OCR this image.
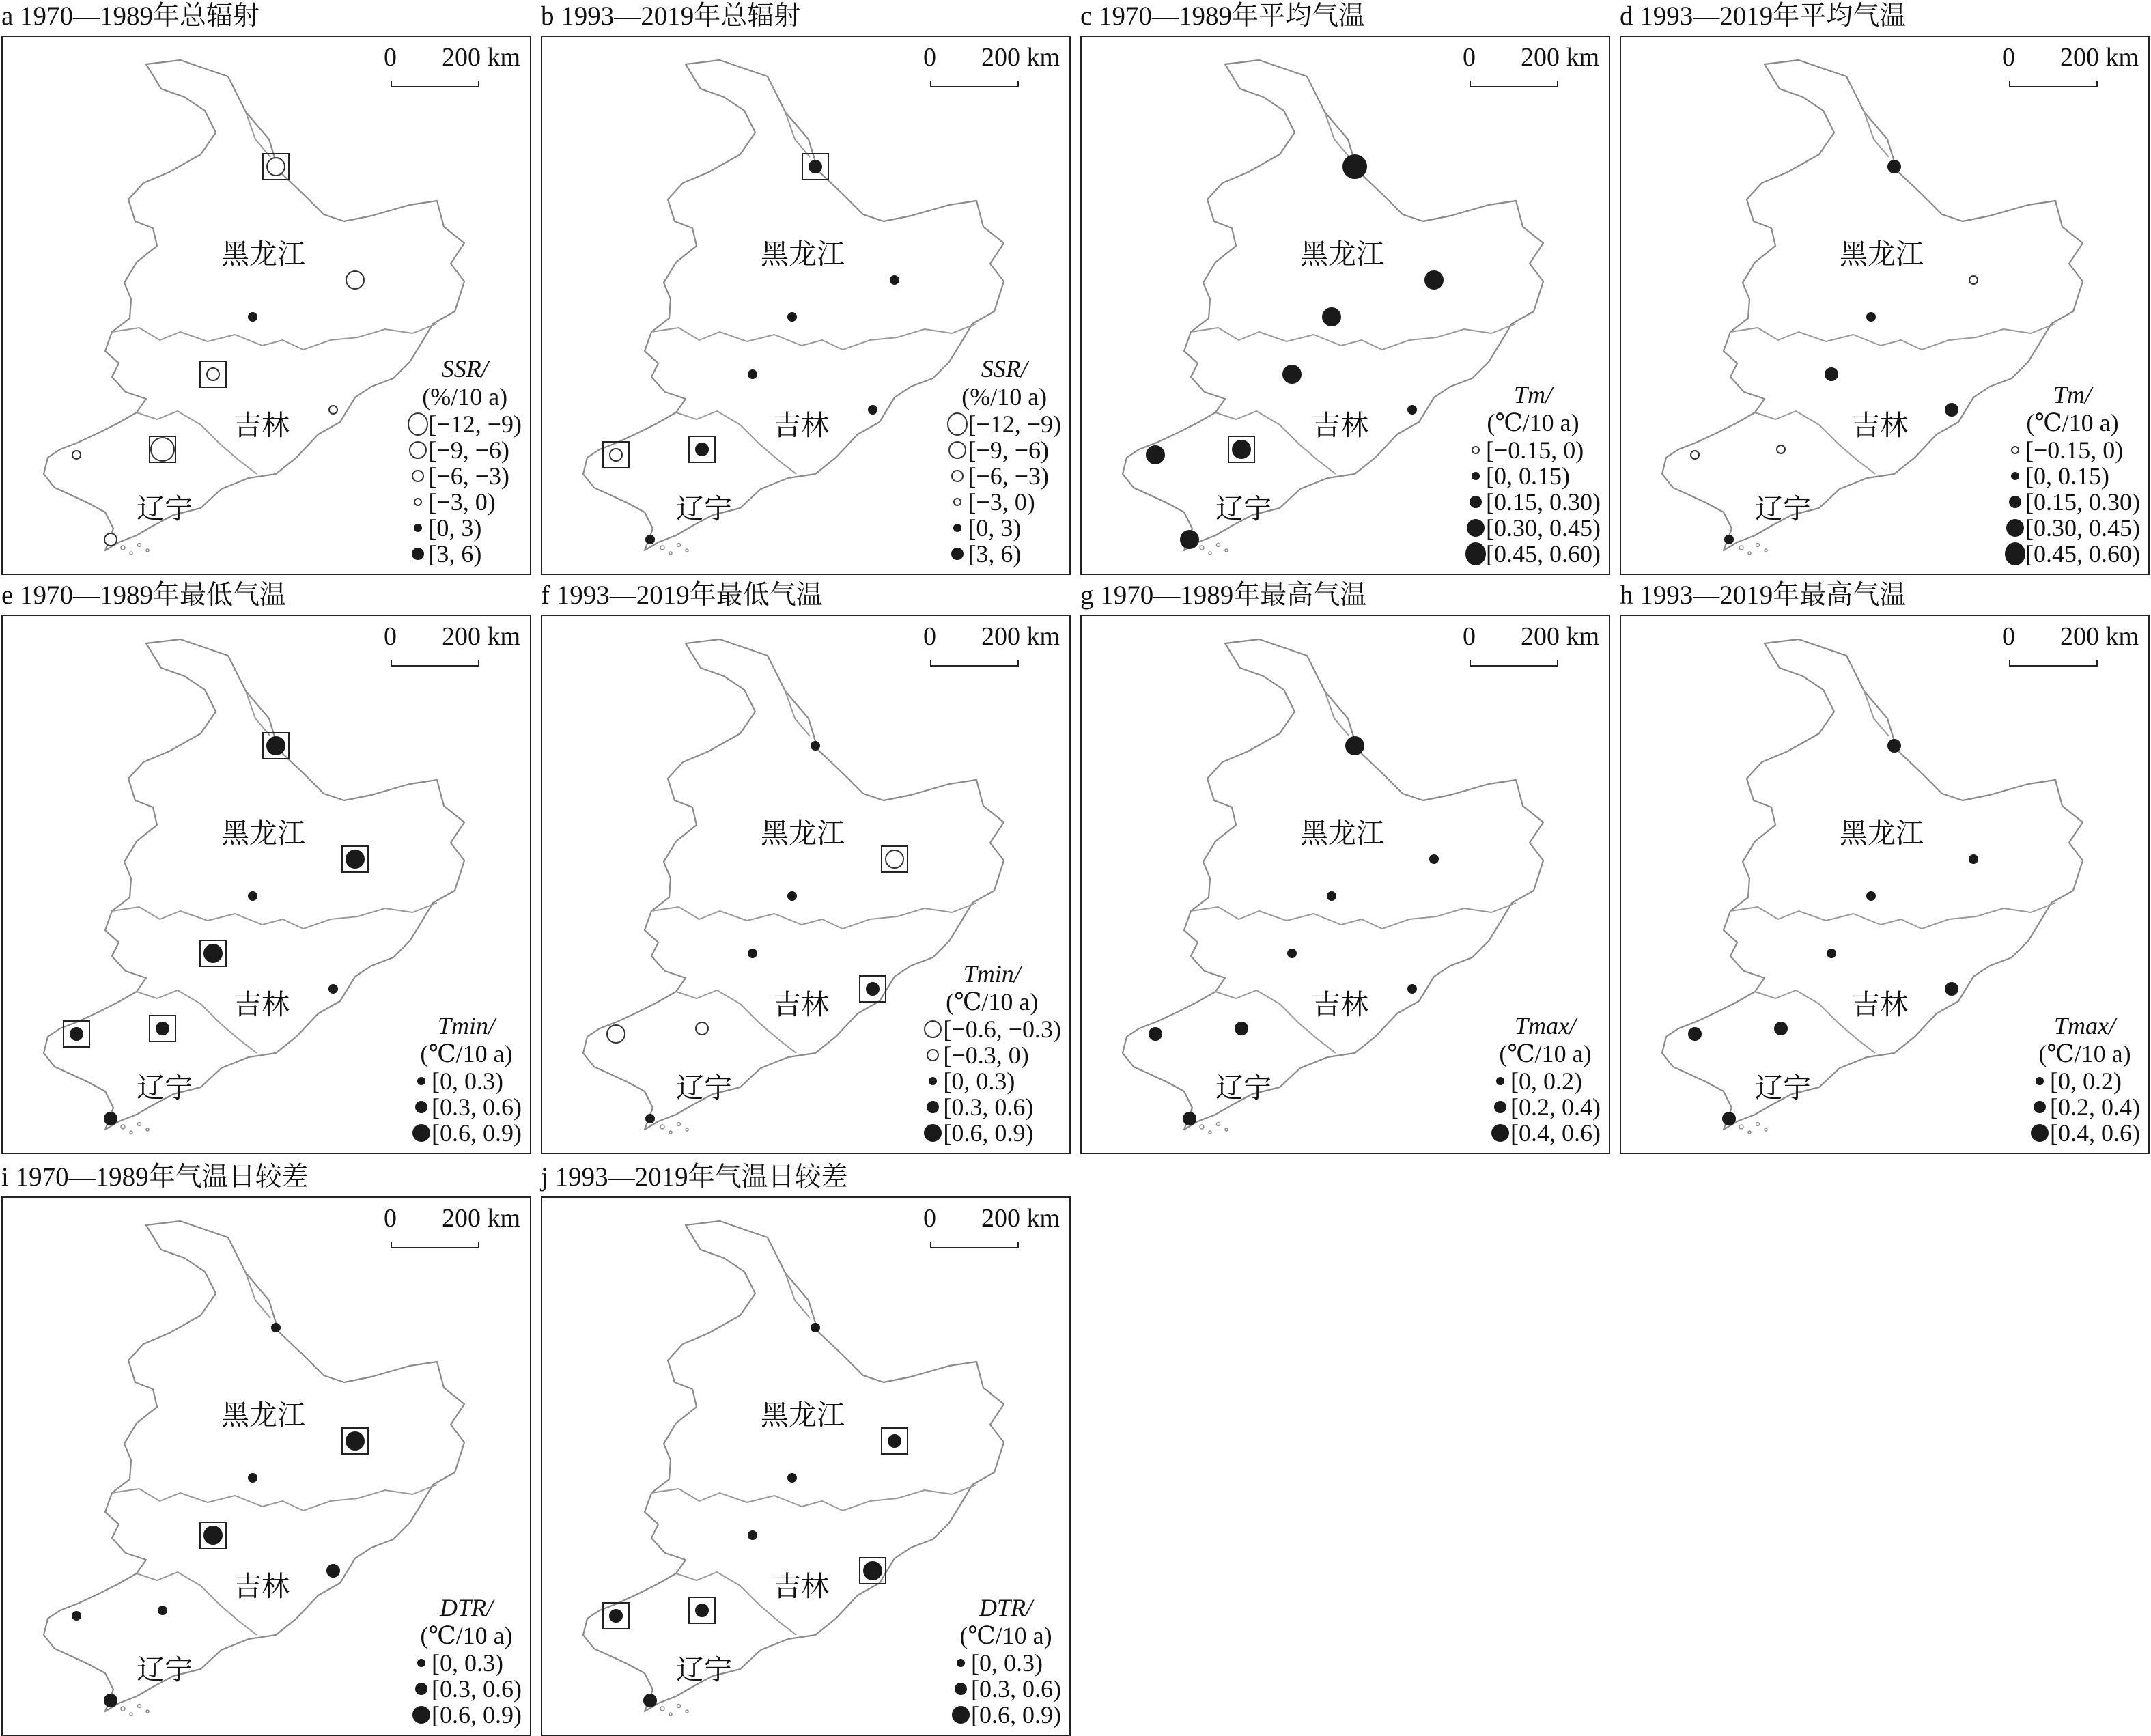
a 1970—1989年总辐射
0 200 km
黑龙江
吉林
辽宁
SSR/
(%/10 a)
[−12, −9)
[−9, −6)
[−6, −3)
[−3, 0)
[0, 3)
[3, 6)
b 1993—2019年总辐射
0 200 km
黑龙江
吉林
辽宁
SSR/
(%/10 a)
[−12, −9)
[−9, −6)
[−6, −3)
[−3, 0)
[0, 3)
[3, 6)
c 1970—1989年平均气温
0 200 km
黑龙江
吉林
辽宁
Tm/
(℃/10 a)
[−0.15, 0)
[0, 0.15)
[0.15, 0.30)
[0.30, 0.45)
[0.45, 0.60)
d 1993—2019年平均气温
0 200 km
黑龙江
吉林
辽宁
Tm/
(℃/10 a)
[−0.15, 0)
[0, 0.15)
[0.15, 0.30)
[0.30, 0.45)
[0.45, 0.60)
e 1970—1989年最低气温
0 200 km
黑龙江
吉林
辽宁
Tmin/
(℃/10 a)
[0, 0.3)
[0.3, 0.6)
[0.6, 0.9)
f 1993—2019年最低气温
0 200 km
黑龙江
吉林
辽宁
Tmin/
(℃/10 a)
[−0.6, −0.3)
[−0.3, 0)
[0, 0.3)
[0.3, 0.6)
[0.6, 0.9)
g 1970—1989年最高气温
0 200 km
黑龙江
吉林
辽宁
Tmax/
(℃/10 a)
[0, 0.2)
[0.2, 0.4)
[0.4, 0.6)
h 1993—2019年最高气温
0 200 km
黑龙江
吉林
辽宁
Tmax/
(℃/10 a)
[0, 0.2)
[0.2, 0.4)
[0.4, 0.6)
i 1970—1989年气温日较差
0 200 km
黑龙江
吉林
辽宁
DTR/
(℃/10 a)
[0, 0.3)
[0.3, 0.6)
[0.6, 0.9)
j 1993—2019年气温日较差
0 200 km
黑龙江
吉林
辽宁
DTR/
(℃/10 a)
[0, 0.3)
[0.3, 0.6)
[0.6, 0.9)
